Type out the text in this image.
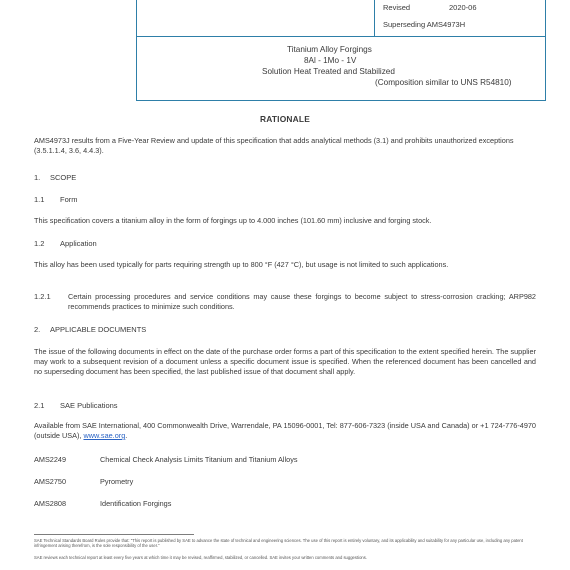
Revised	2020-06
Superseding AMS4973H
Titanium Alloy Forgings
8Al - 1Mo - 1V
Solution Heat Treated and Stabilized
(Composition similar to UNS R54810)
RATIONALE
AMS4973J results from a Five-Year Review and update of this specification that adds analytical methods (3.1) and prohibits unauthorized exceptions (3.5.1.1.4, 3.6, 4.4.3).
1. SCOPE
1.1 Form
This specification covers a titanium alloy in the form of forgings up to 4.000 inches (101.60 mm) inclusive and forging stock.
1.2 Application
This alloy has been used typically for parts requiring strength up to 800 °F (427 °C), but usage is not limited to such applications.
1.2.1 Certain processing procedures and service conditions may cause these forgings to become subject to stress-corrosion cracking; ARP982 recommends practices to minimize such conditions.
2. APPLICABLE DOCUMENTS
The issue of the following documents in effect on the date of the purchase order forms a part of this specification to the extent specified herein. The supplier may work to a subsequent revision of a document unless a specific document issue is specified. When the referenced document has been cancelled and no superseding document has been specified, the last published issue of that document shall apply.
2.1 SAE Publications
Available from SAE International, 400 Commonwealth Drive, Warrendale, PA 15096-0001, Tel: 877-606-7323 (inside USA and Canada) or +1 724-776-4970 (outside USA), www.sae.org.
AMS2249	Chemical Check Analysis Limits Titanium and Titanium Alloys
AMS2750	Pyrometry
AMS2808	Identification Forgings
SAE Technical Standards Board Rules provide that: "This report is published by SAE to advance the state of technical and engineering sciences. The use of this report is entirely voluntary, and its applicability and suitability for any particular use, including any patent infringement arising therefrom, is the sole responsibility of the user."
SAE reviews each technical report at least every five years at which time it may be revised, reaffirmed, stabilized, or cancelled. SAE invites your written comments and suggestions.
